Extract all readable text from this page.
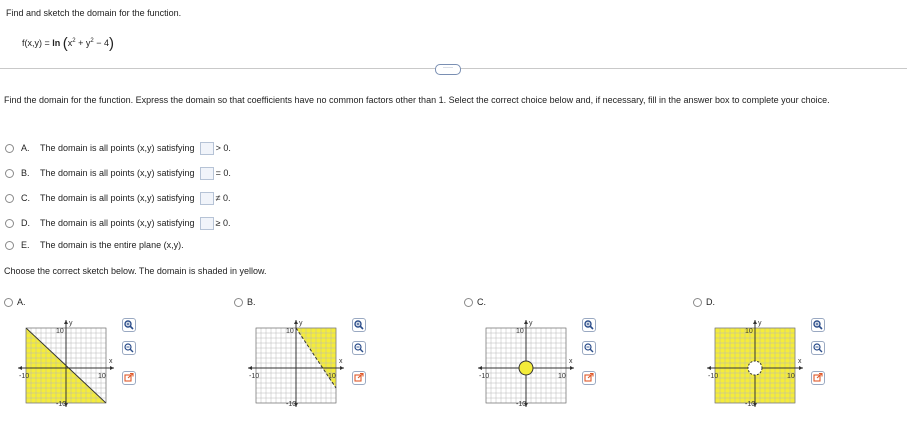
Find and sketch the domain for the function.
$f(x,y) = \ln (x^2 + y^2 - 4)$
·····
Find the domain for the function. Express the domain so that coefficients have no common factors other than 1. Select the correct choice below and, if necessary, fill in the answer box to complete your choice.
A.	The domain is all points (x,y) satisfying > 0.
B.	The domain is all points (x,y) satisfying = 0.
C.	The domain is all points (x,y) satisfying ≠ 0.
D.	The domain is all points (x,y) satisfying ≥ 0.
E.	The domain is the entire plane (x,y).
Choose the correct sketch below. The domain is shaded in yellow.
A.	B.	C.	D.
y
x
10
10
-10
-10
y
x
10
10
-10
-10
y
x
10
10
-10
-10
y
x
10
10
-10
-10
